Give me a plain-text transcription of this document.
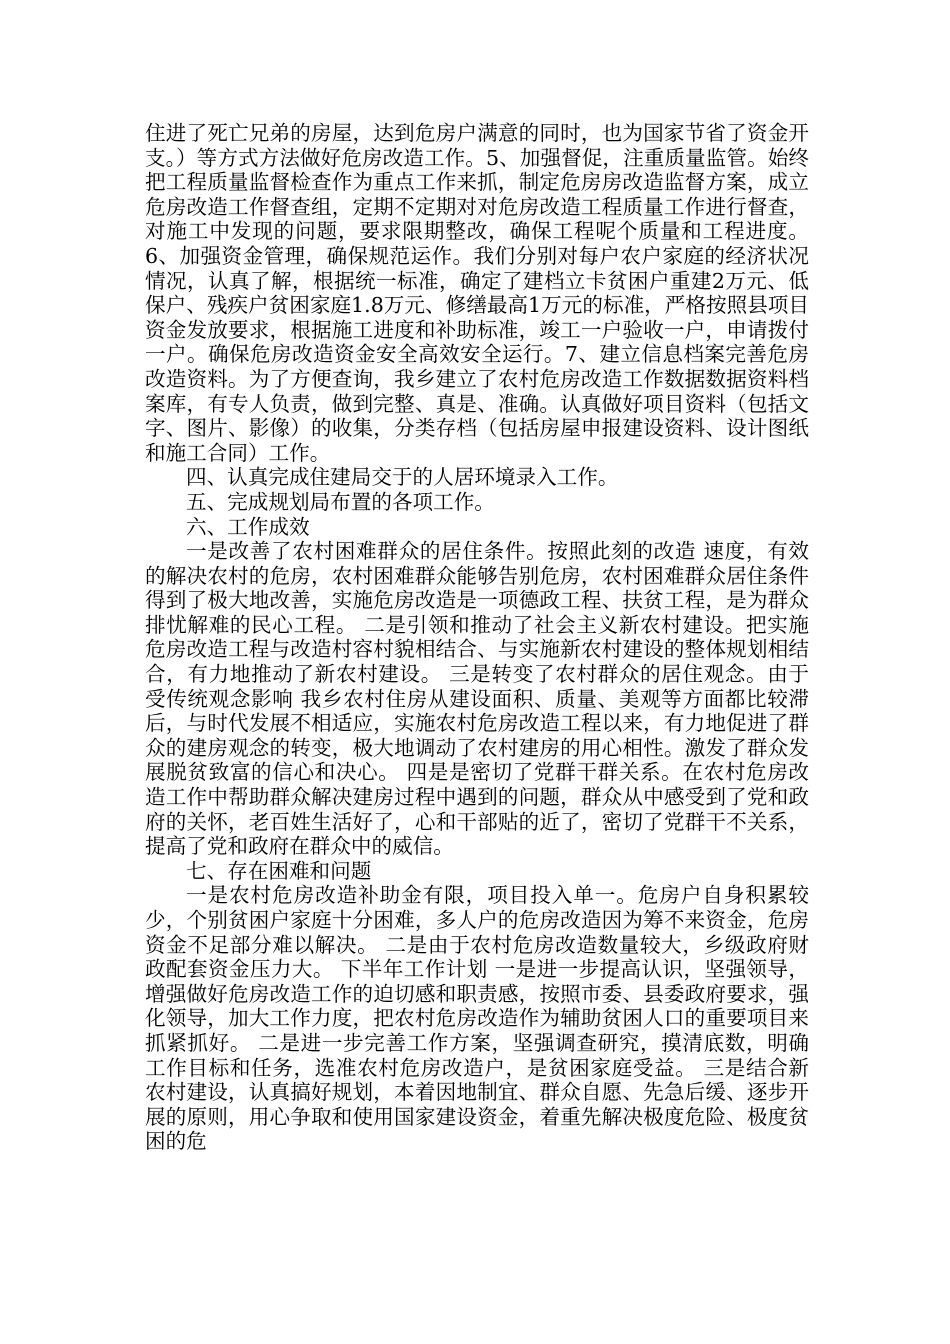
住进了死亡兄弟的房屋，达到危房户满意的同时，也为国家节省了资金开支。）等方式方法做好危房改造工作。5、加强督促，注重质量监管。始终把工程质量监督检查作为重点工作来抓，制定危房房改造监督方案，成立危房改造工作督查组，定期不定期对对危房改造工程质量工作进行督查，对施工中发现的问题，要求限期整改，确保工程呢个质量和工程进度。6、加强资金管理，确保规范运作。我们分别对每户农户家庭的经济状况情况，认真了解，根据统一标准，确定了建档立卡贫困户重建2万元、低保户、残疾户贫困家庭1.8万元、修缮最高1万元的标准，严格按照县项目资金发放要求，根据施工进度和补助标准，竣工一户验收一户，申请拨付一户。确保危房改造资金安全高效安全运行。7、建立信息档案完善危房改造资料。为了方便查询，我乡建立了农村危房改造工作数据数据资料档案库，有专人负责，做到完整、真是、准确。认真做好项目资料（包括文字、图片、影像）的收集，分类存档（包括房屋申报建设资料、设计图纸和施工合同）工作。

四、认真完成住建局交于的人居环境录入工作。

五、完成规划局布置的各项工作。

六、工作成效

一是改善了农村困难群众的居住条件。按照此刻的改造 速度，有效的解决农村的危房，农村困难群众能够告别危房，农村困难群众居住条件得到了极大地改善，实施危房改造是一项德政工程、扶贫工程，是为群众排忧解难的民心工程。 二是引领和推动了社会主义新农村建设。把实施危房改造工程与改造村容村貌相结合、与实施新农村建设的整体规划相结合，有力地推动了新农村建设。 三是转变了农村群众的居住观念。由于受传统观念影响 我乡农村住房从建设面积、质量、美观等方面都比较滞后，与时代发展不相适应，实施农村危房改造工程以来，有力地促进了群众的建房观念的转变，极大地调动了农村建房的用心相性。激发了群众发展脱贫致富的信心和决心。 四是是密切了党群干群关系。在农村危房改造工作中帮助群众解决建房过程中遇到的问题，群众从中感受到了党和政府的关怀，老百姓生活好了，心和干部贴的近了，密切了党群干不关系，提高了党和政府在群众中的威信。

七、存在困难和问题

一是农村危房改造补助金有限，项目投入单一。危房户自身积累较少，个别贫困户家庭十分困难，多人户的危房改造因为筹不来资金，危房资金不足部分难以解决。 二是由于农村危房改造数量较大，乡级政府财政配套资金压力大。 下半年工作计划 一是进一步提高认识，坚强领导，增强做好危房改造工作的迫切感和职责感，按照市委、县委政府要求，强化领导，加大工作力度，把农村危房改造作为辅助贫困人口的重要项目来抓紧抓好。 二是进一步完善工作方案，坚强调查研究，摸清底数，明确工作目标和任务，选准农村危房改造户，是贫困家庭受益。 三是结合新农村建设，认真搞好规划，本着因地制宜、群众自愿、先急后缓、逐步开展的原则，用心争取和使用国家建设资金，着重先解决极度危险、极度贫困的危
